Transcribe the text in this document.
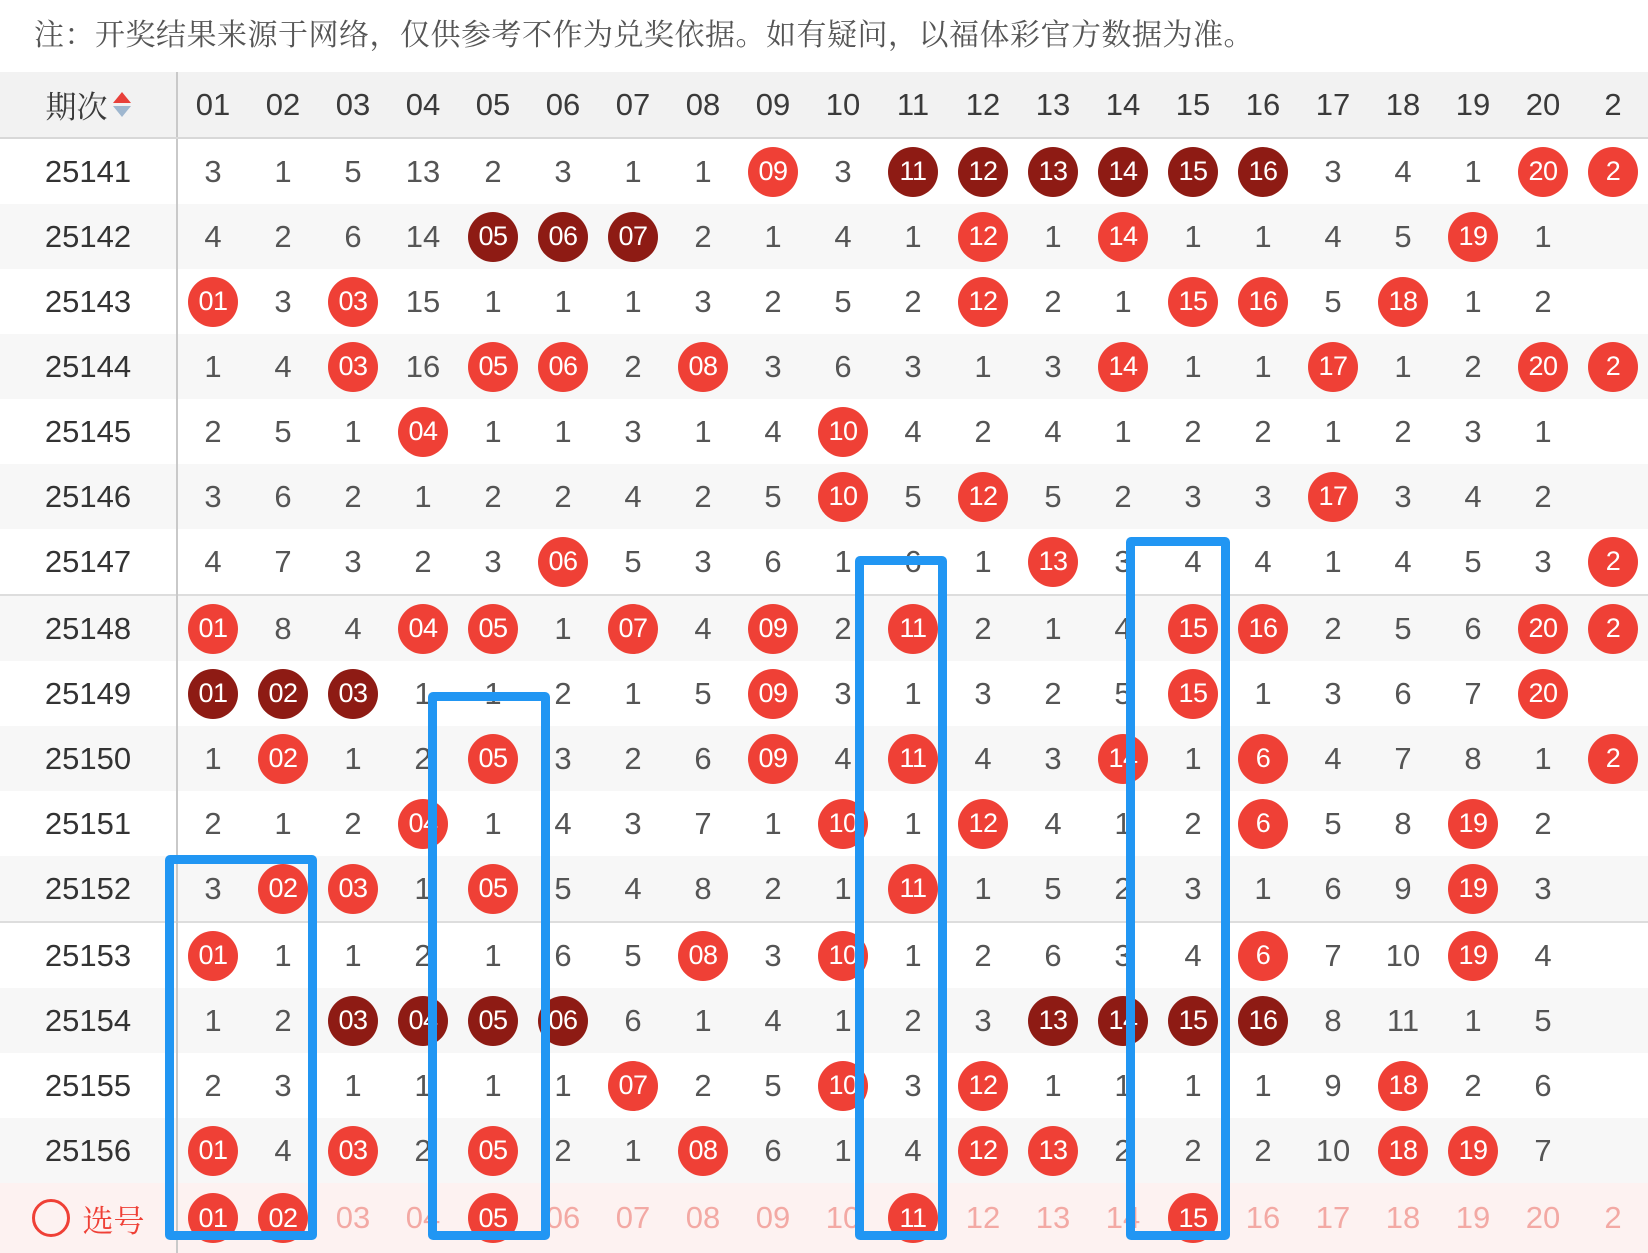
注：开奖结果来源于网络，仅供参考不作为兑奖依据。如有疑问，以福体彩官方数据为准。
期次	01	02	03	04	05	06	07	08	09	10	11	12	13	14	15	16	17	18	19	20	2
25141	3	1	5	13	2	3	1	1	09	3	11	12	13	14	15	16	3	4	1	20	2

25142	4	2	6	14	05	06	07	2	1	4	1	12	1	14	1	1	4	5	19	1	

25143	01	3	03	15	1	1	1	3	2	5	2	12	2	1	15	16	5	18	1	2	

25144	1	4	03	16	05	06	2	08	3	6	3	1	3	14	1	1	17	1	2	20	2

25145	2	5	1	04	1	1	3	1	4	10	4	2	4	1	2	2	1	2	3	1	

25146	3	6	2	1	2	2	4	2	5	10	5	12	5	2	3	3	17	3	4	2	

25147	4	7	3	2	3	06	5	3	6	1	6	1	13	3	4	4	1	4	5	3	2

25148	01	8	4	04	05	1	07	4	09	2	11	2	1	4	15	16	2	5	6	20	2

25149	01	02	03	1	1	2	1	5	09	3	1	3	2	5	15	1	3	6	7	20	

25150	1	02	1	2	05	3	2	6	09	4	11	4	3	14	1	6	4	7	8	1	2

25151	2	1	2	04	1	4	3	7	1	10	1	12	4	1	2	6	5	8	19	2	

25152	3	02	03	1	05	5	4	8	2	1	11	1	5	2	3	1	6	9	19	3	

25153	01	1	1	2	1	6	5	08	3	10	1	2	6	3	4	6	7	10	19	4	

25154	1	2	03	04	05	06	6	1	4	1	2	3	13	14	15	16	8	11	1	5	

25155	2	3	1	1	1	1	07	2	5	10	3	12	1	1	1	1	9	18	2	6	

25156	01	4	03	2	05	2	1	08	6	1	4	12	13	2	2	2	10	18	19	7	

选号	01	02	03	04	05	06	07	08	09	10	11	12	13	14	15	16	17	18	19	20	2
